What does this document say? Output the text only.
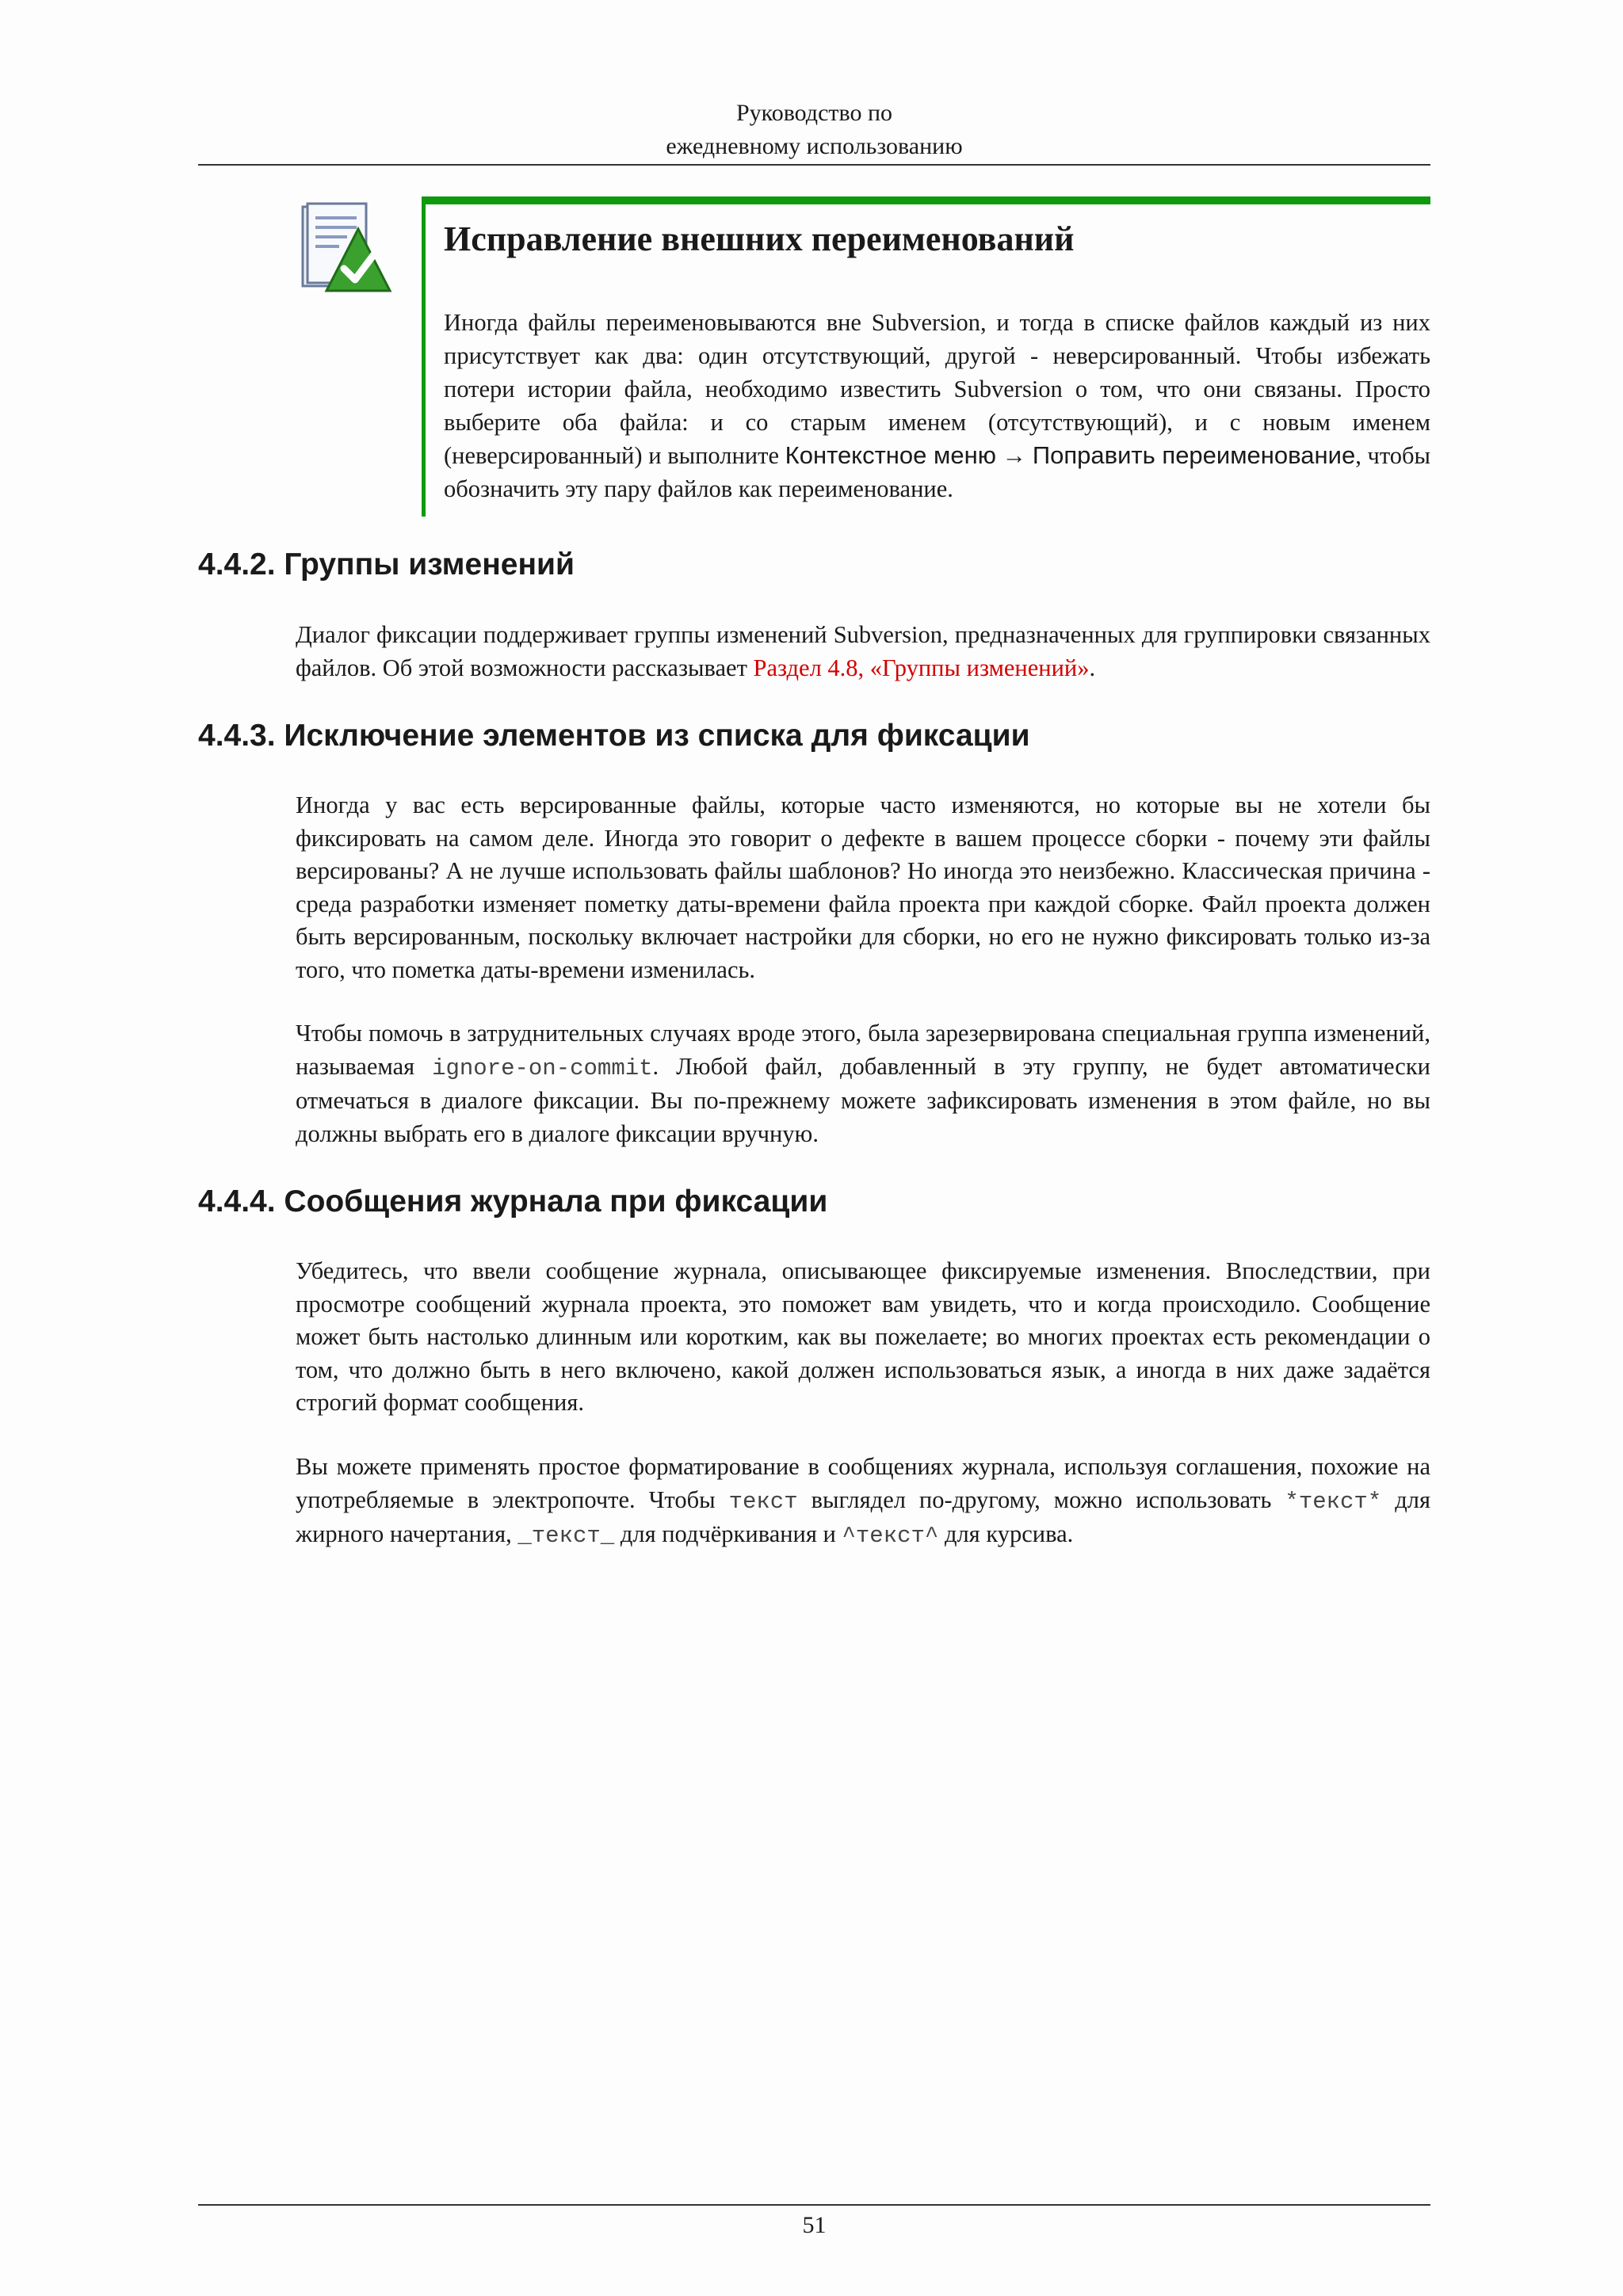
Руководство по
ежедневному использованию
Исправление внешних переименований
Иногда файлы переименовываются вне Subversion, и тогда в списке файлов каждый из них присутствует как два: один отсутствующий, другой - неверсированный. Чтобы избежать потери истории файла, необходимо известить Subversion о том, что они связаны. Просто выберите оба файла: и со старым именем (отсутствующий), и с новым именем (неверсированный) и выполните Контекстное меню → Поправить переименование, чтобы обозначить эту пару файлов как переименование.
4.4.2. Группы изменений
Диалог фиксации поддерживает группы изменений Subversion, предназначенных для группировки связанных файлов. Об этой возможности рассказывает Раздел 4.8, «Группы изменений».
4.4.3. Исключение элементов из списка для фиксации
Иногда у вас есть версированные файлы, которые часто изменяются, но которые вы не хотели бы фиксировать на самом деле. Иногда это говорит о дефекте в вашем процессе сборки - почему эти файлы версированы? А не лучше использовать файлы шаблонов? Но иногда это неизбежно. Классическая причина - среда разработки изменяет пометку даты-времени файла проекта при каждой сборке. Файл проекта должен быть версированным, поскольку включает настройки для сборки, но его не нужно фиксировать только из-за того, что пометка даты-времени изменилась.
Чтобы помочь в затруднительных случаях вроде этого, была зарезервирована специальная группа изменений, называемая ignore-on-commit. Любой файл, добавленный в эту группу, не будет автоматически отмечаться в диалоге фиксации. Вы по-прежнему можете зафиксировать изменения в этом файле, но вы должны выбрать его в диалоге фиксации вручную.
4.4.4. Сообщения журнала при фиксации
Убедитесь, что ввели сообщение журнала, описывающее фиксируемые изменения. Впоследствии, при просмотре сообщений журнала проекта, это поможет вам увидеть, что и когда происходило. Сообщение может быть настолько длинным или коротким, как вы пожелаете; во многих проектах есть рекомендации о том, что должно быть в него включено, какой должен использоваться язык, а иногда в них даже задаётся строгий формат сообщения.
Вы можете применять простое форматирование в сообщениях журнала, используя соглашения, похожие на употребляемые в электропочте. Чтобы текст выглядел по-другому, можно использовать *текст* для жирного начертания, _текст_ для подчёркивания и ^текст^ для курсива.
51
